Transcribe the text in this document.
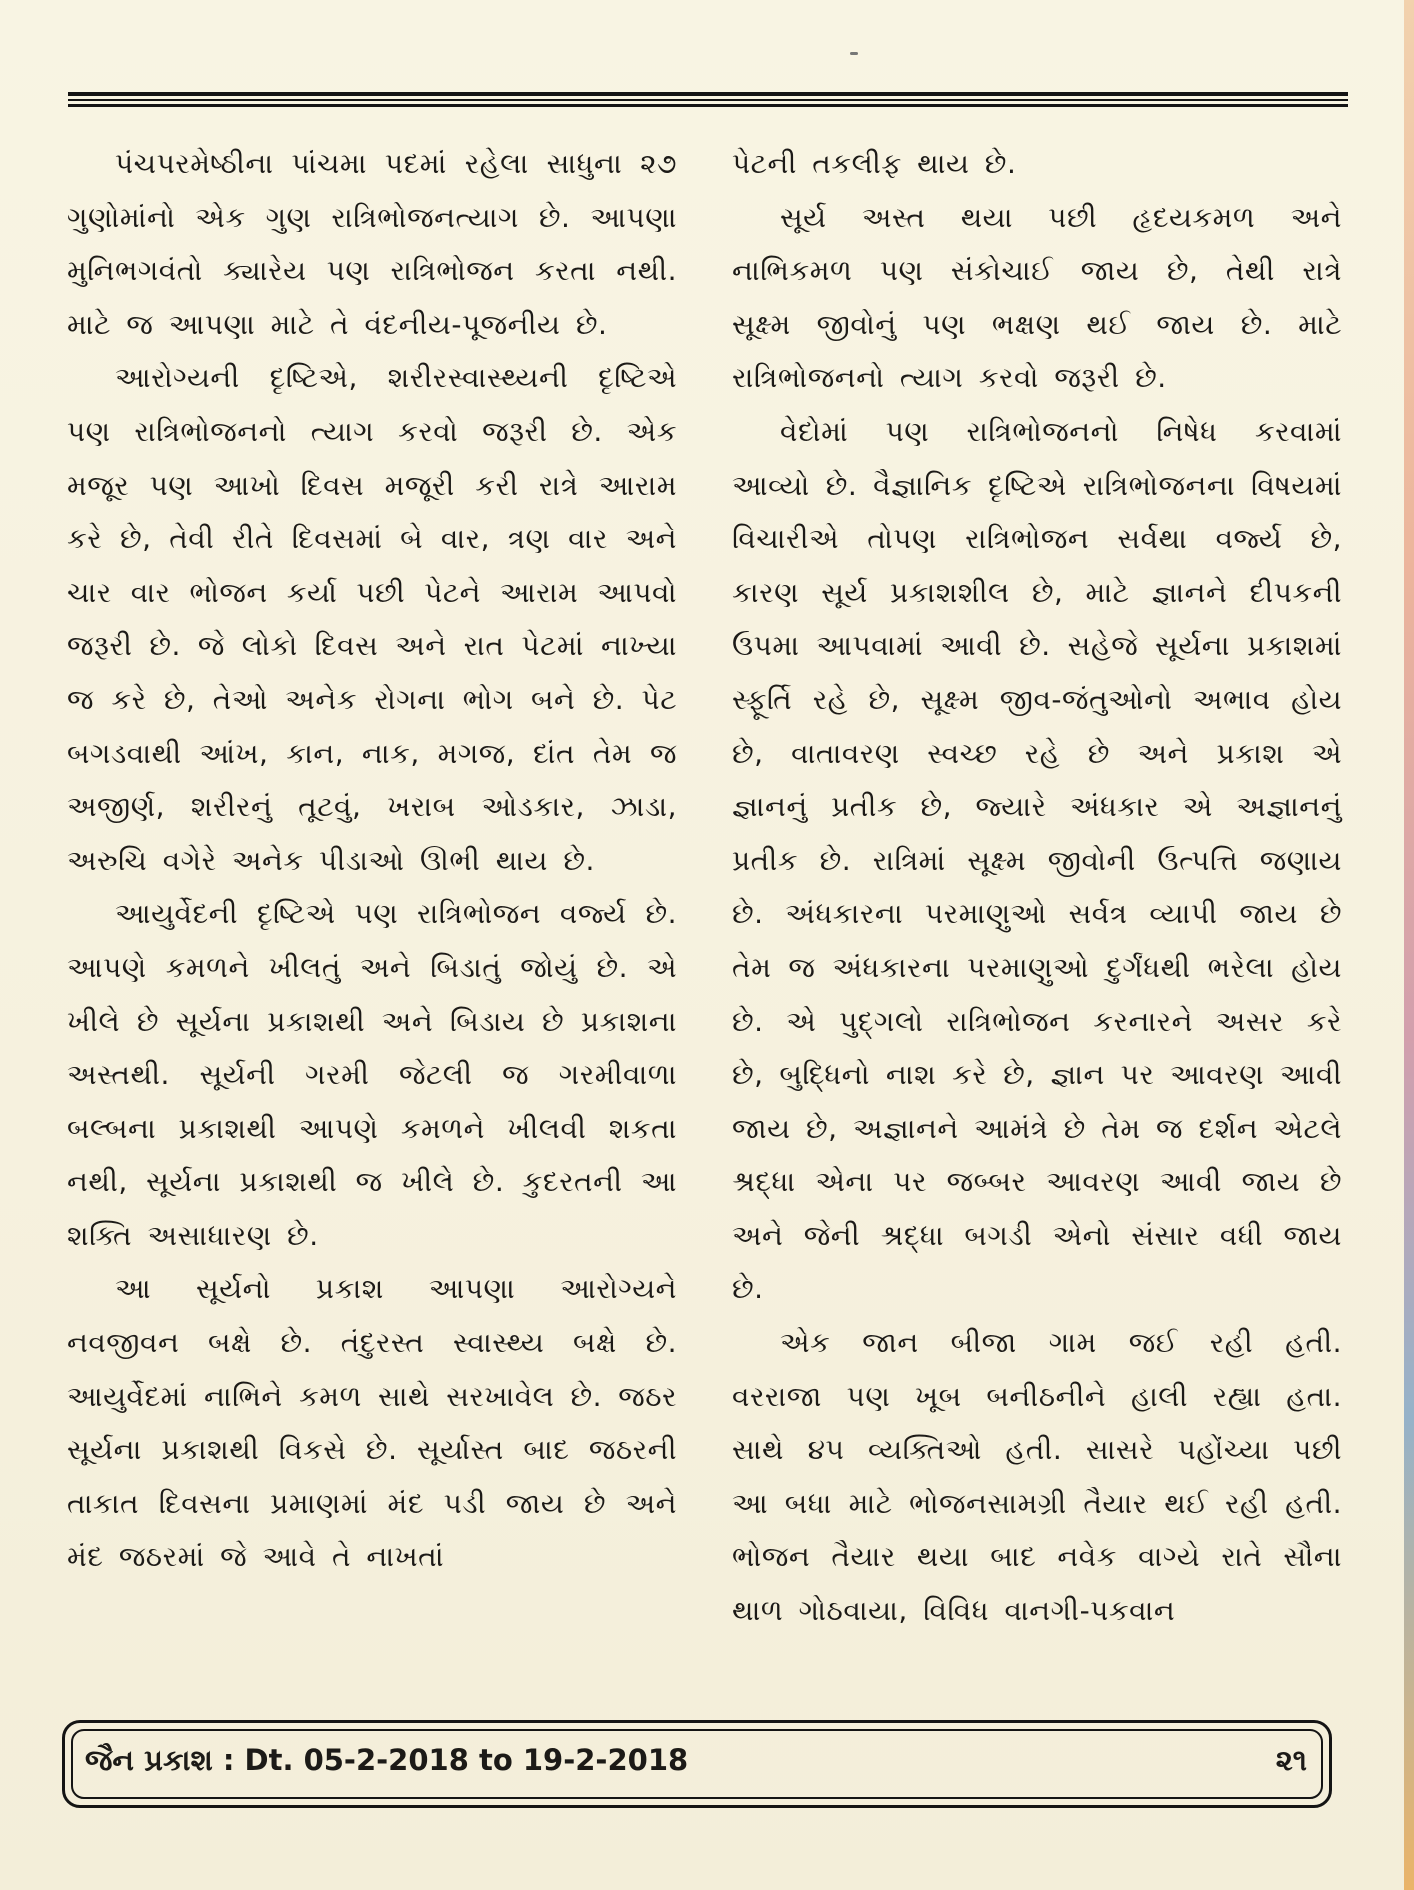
પંચપરમેષ્ઠીના પાંચમા પદમાં રહેલા સાધુના ૨૭ ગુણોમાંનો એક ગુણ રાત્રિભોજનત્યાગ છે. આપણા મુનિભગવંતો ક્યારેય પણ રાત્રિભોજન કરતા નથી. માટે જ આપણા માટે તે વંદનીય-પૂજનીય છે.

આરોગ્યની દૃષ્ટિએ, શરીરસ્વાસ્થ્યની દૃષ્ટિએ પણ રાત્રિભોજનનો ત્યાગ કરવો જરૂરી છે. એક મજૂર પણ આખો દિવસ મજૂરી કરી રાત્રે આરામ કરે છે, તેવી રીતે દિવસમાં બે વાર, ત્રણ વાર અને ચાર વાર ભોજન કર્યા પછી પેટને આરામ આપવો જરૂરી છે. જે લોકો દિવસ અને રાત પેટમાં નાખ્યા જ કરે છે, તેઓ અનેક રોગના ભોગ બને છે. પેટ બગડવાથી આંખ, કાન, નાક, મગજ, દાંત તેમ જ અજીર્ણ, શરીરનું તૂટવું, ખરાબ ઓડકાર, ઝાડા, અરુચિ વગેરે અનેક પીડાઓ ઊભી થાય છે.

આયુર્વેદની દૃષ્ટિએ પણ રાત્રિભોજન વર્જ્ય છે. આપણે કમળને ખીલતું અને બિડાતું જોયું છે. એ ખીલે છે સૂર્યના પ્રકાશથી અને બિડાય છે પ્રકાશના અસ્તથી. સૂર્યની ગરમી જેટલી જ ગરમીવાળા બલ્બના પ્રકાશથી આપણે કમળને ખીલવી શકતા નથી, સૂર્યના પ્રકાશથી જ ખીલે છે. કુદરતની આ શક્તિ અસાધારણ છે.

આ સૂર્યનો પ્રકાશ આપણા આરોગ્યને નવજીવન બક્ષે છે. તંદુરસ્ત સ્વાસ્થ્ય બક્ષે છે. આયુર્વેદમાં નાભિને કમળ સાથે સરખાવેલ છે. જઠર સૂર્યના પ્રકાશથી વિકસે છે. સૂર્યાસ્ત બાદ જઠરની તાકાત દિવસના પ્રમાણમાં મંદ પડી જાય છે અને મંદ જઠરમાં જે આવે તે નાખતાં

પેટની તકલીફ થાય છે.

સૂર્ય અસ્ત થયા પછી હૃદયકમળ અને નાભિકમળ પણ સંકોચાઈ જાય છે, તેથી રાત્રે સૂક્ષ્મ જીવોનું પણ ભક્ષણ થઈ જાય છે. માટે રાત્રિભોજનનો ત્યાગ કરવો જરૂરી છે.

વેદોમાં પણ રાત્રિભોજનનો નિષેધ કરવામાં આવ્યો છે. વૈજ્ઞાનિક દૃષ્ટિએ રાત્રિભોજનના વિષયમાં વિચારીએ તોપણ રાત્રિભોજન સર્વથા વર્જ્ય છે, કારણ સૂર્ય પ્રકાશશીલ છે, માટે જ્ઞાનને દીપકની ઉપમા આપવામાં આવી છે. સહેજે સૂર્યના પ્રકાશમાં સ્ફૂર્તિ રહે છે, સૂક્ષ્મ જીવ-જંતુઓનો અભાવ હોય છે, વાતાવરણ સ્વચ્છ રહે છે અને પ્રકાશ એ જ્ઞાનનું પ્રતીક છે, જ્યારે અંધકાર એ અજ્ઞાનનું પ્રતીક છે. રાત્રિમાં સૂક્ષ્મ જીવોની ઉત્પત્તિ જણાય છે. અંધકારના પરમાણુઓ સર્વત્ર વ્યાપી જાય છે તેમ જ અંધકારના પરમાણુઓ દુર્ગંધથી ભરેલા હોય છે. એ પુદ્ગલો રાત્રિભોજન કરનારને અસર કરે છે, બુદ્ધિનો નાશ કરે છે, જ્ઞાન પર આવરણ આવી જાય છે, અજ્ઞાનને આમંત્રે છે તેમ જ દર્શન એટલે શ્રદ્ધા એના પર જબ્બર આવરણ આવી જાય છે અને જેની શ્રદ્ધા બગડી એનો સંસાર વધી જાય છે.

એક જાન બીજા ગામ જઈ રહી હતી. વરરાજા પણ ખૂબ બનીઠનીને હાલી રહ્યા હતા. સાથે ૪૫ વ્યક્તિઓ હતી. સાસરે પહોંચ્યા પછી આ બધા માટે ભોજનસામગ્રી તૈયાર થઈ રહી હતી. ભોજન તૈયાર થયા બાદ નવેક વાગ્યે રાતે સૌના થાળ ગોઠવાયા, વિવિધ વાનગી-પકવાન

જૈન પ્રકાશ : Dt. 05-2-2018 to 19-2-2018	૨૧
